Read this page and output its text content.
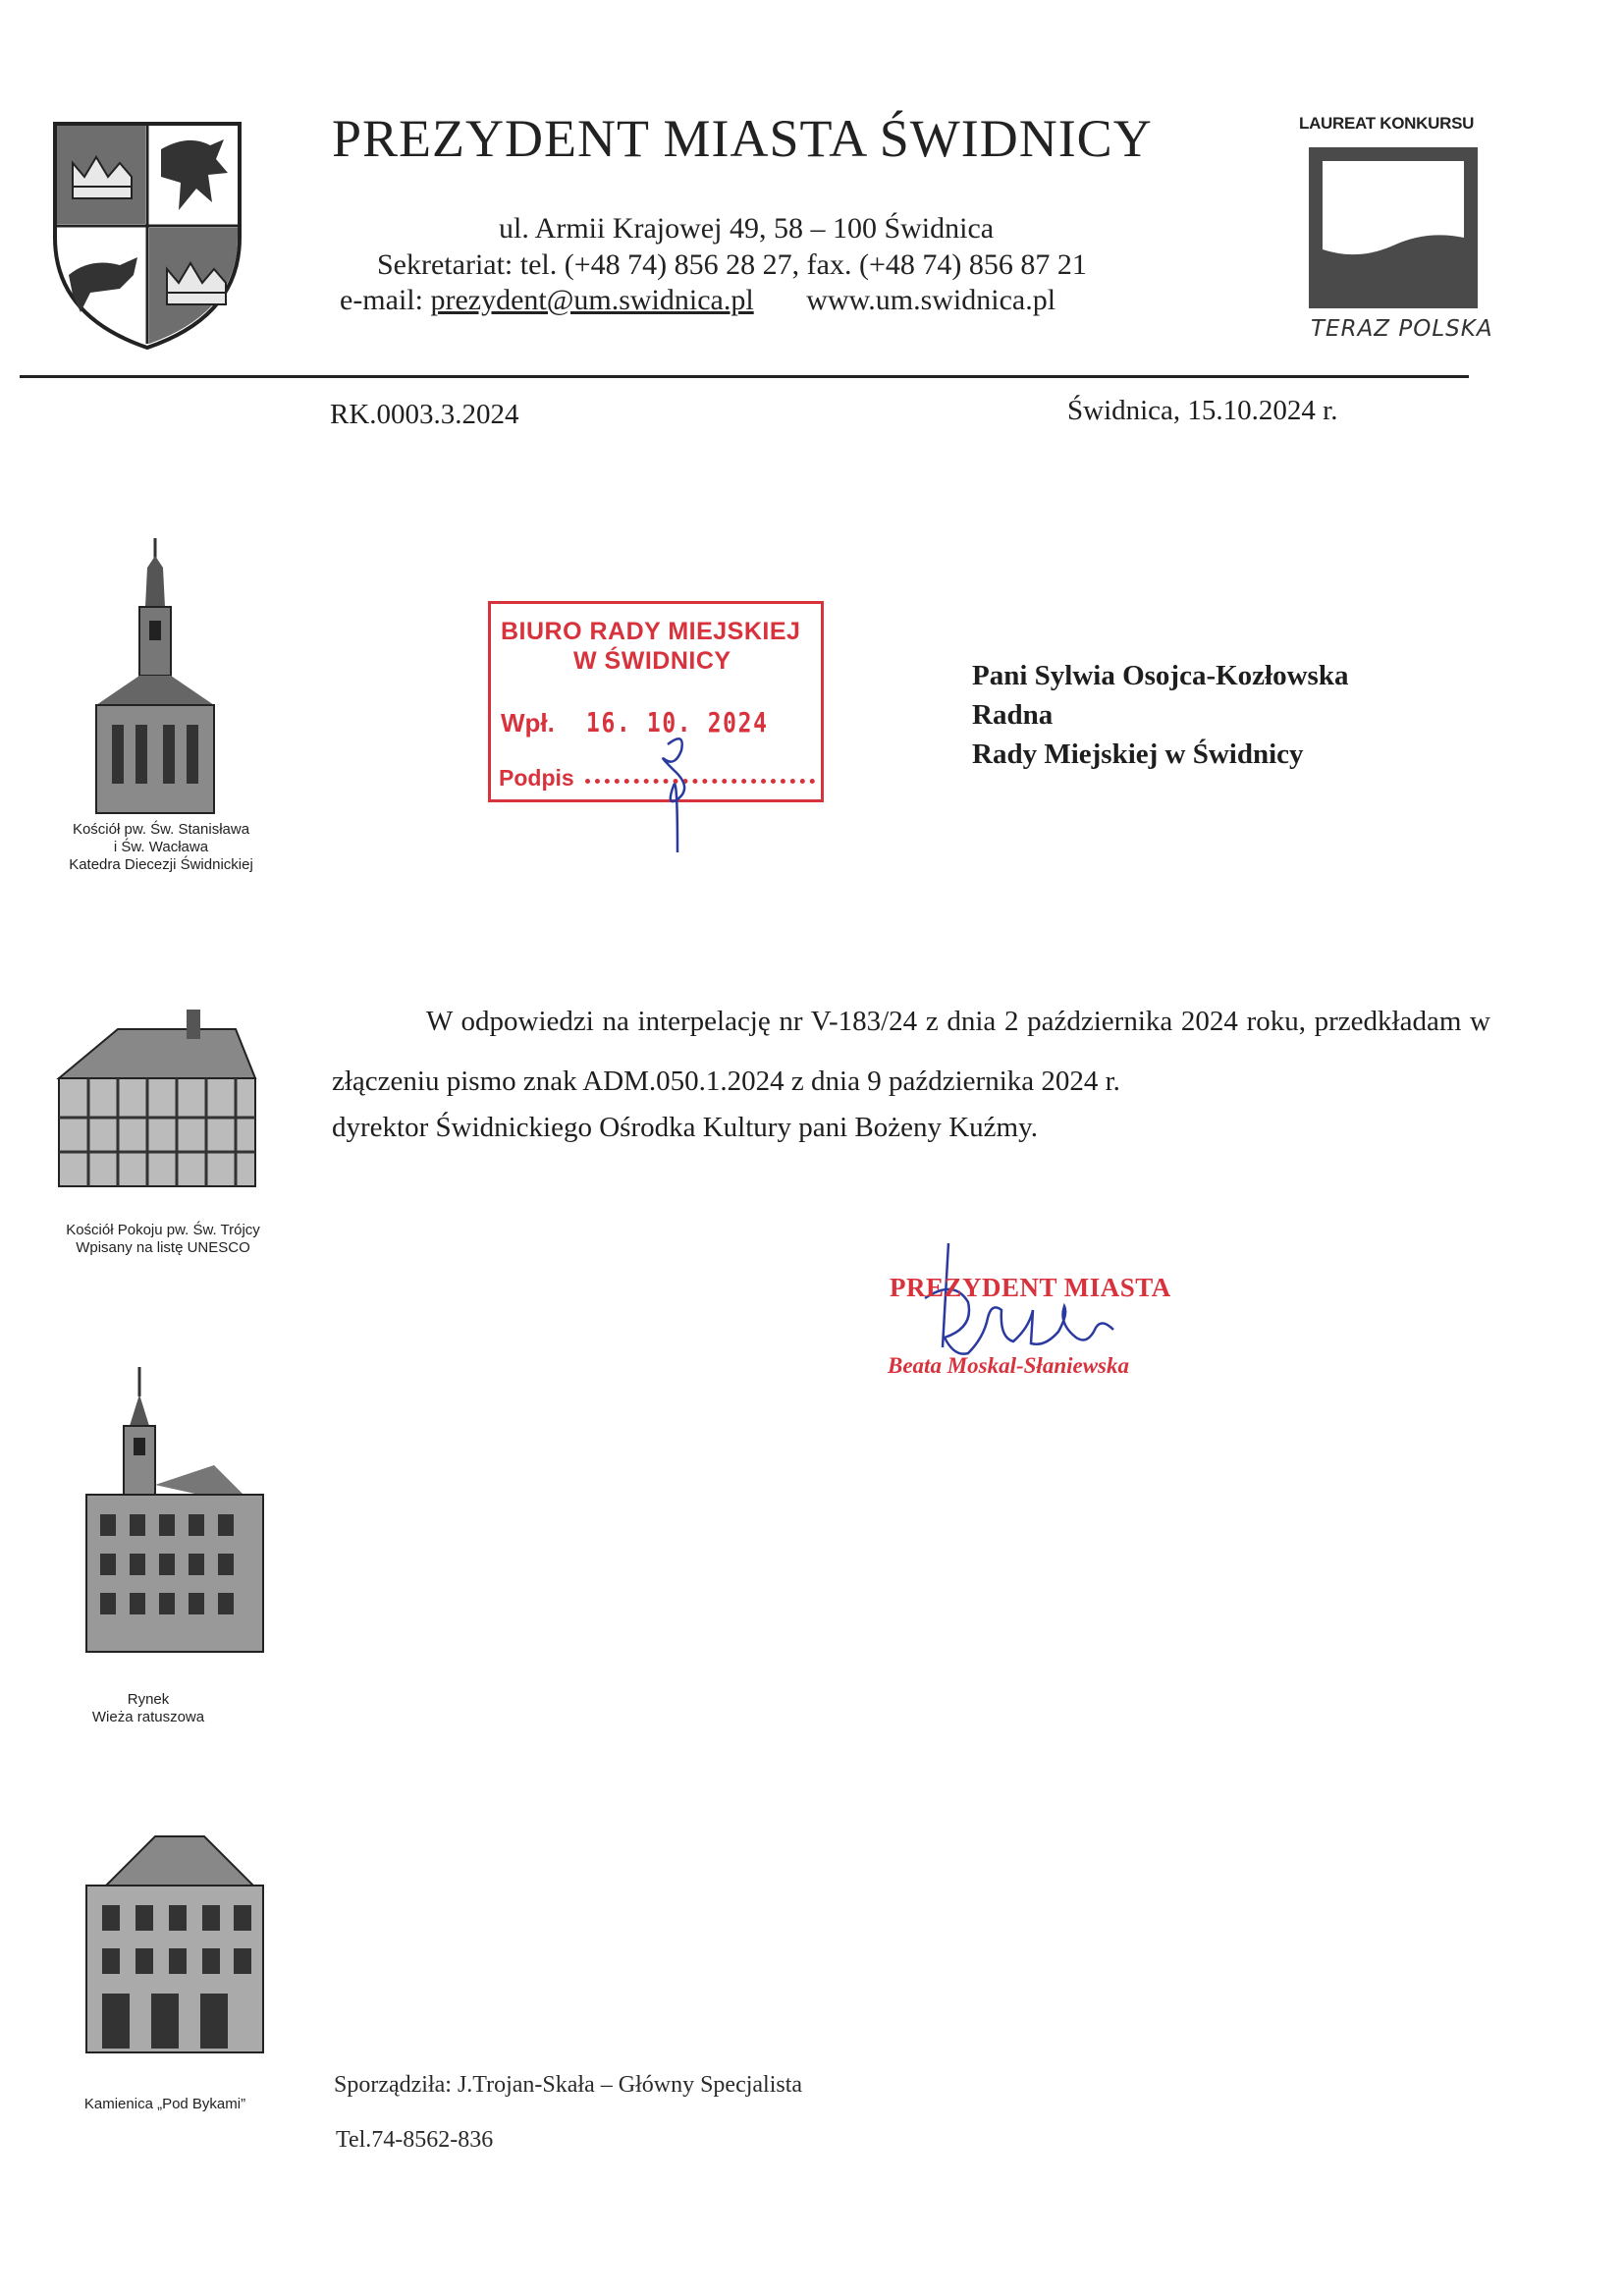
PREZYDENT MIASTA ŚWIDNICY
ul. Armii Krajowej 49, 58 – 100 Świdnica
Sekretariat: tel. (+48 74) 856 28 27, fax. (+48 74) 856 87 21
e-mail: prezydent@um.swidnica.pl www.um.swidnica.pl
LAUREAT KONKURSU
TERAZ POLSKA
RK.0003.3.2024	Świdnica, 15.10.2024 r.
Kościół pw. Św. Stanisława
i Św. Wacława
Katedra Diecezji Świdnickiej
Kościół Pokoju pw. Św. Trójcy
Wpisany na listę UNESCO
Rynek
Wieża ratuszowa
Kamienica „Pod Bykami”
BIURO RADY MIEJSKIEJ
W ŚWIDNICY
Wpł. 16. 10. 2024
Podpis
Pani Sylwia Osojca-Kozłowska
Radna
Rady Miejskiej w Świdnicy

W odpowiedzi na interpelację nr V-183/24 z dnia 2 października 2024 roku, przedkładam w złączeniu pismo znak ADM.050.1.2024 z dnia 9 października 2024 r.

dyrektor Świdnickiego Ośrodka Kultury pani Bożeny Kuźmy.
PREZYDENT MIASTA
Beata Moskal-Słaniewska
Sporządziła: J.Trojan-Skała – Główny Specjalista
Tel.74-8562-836
